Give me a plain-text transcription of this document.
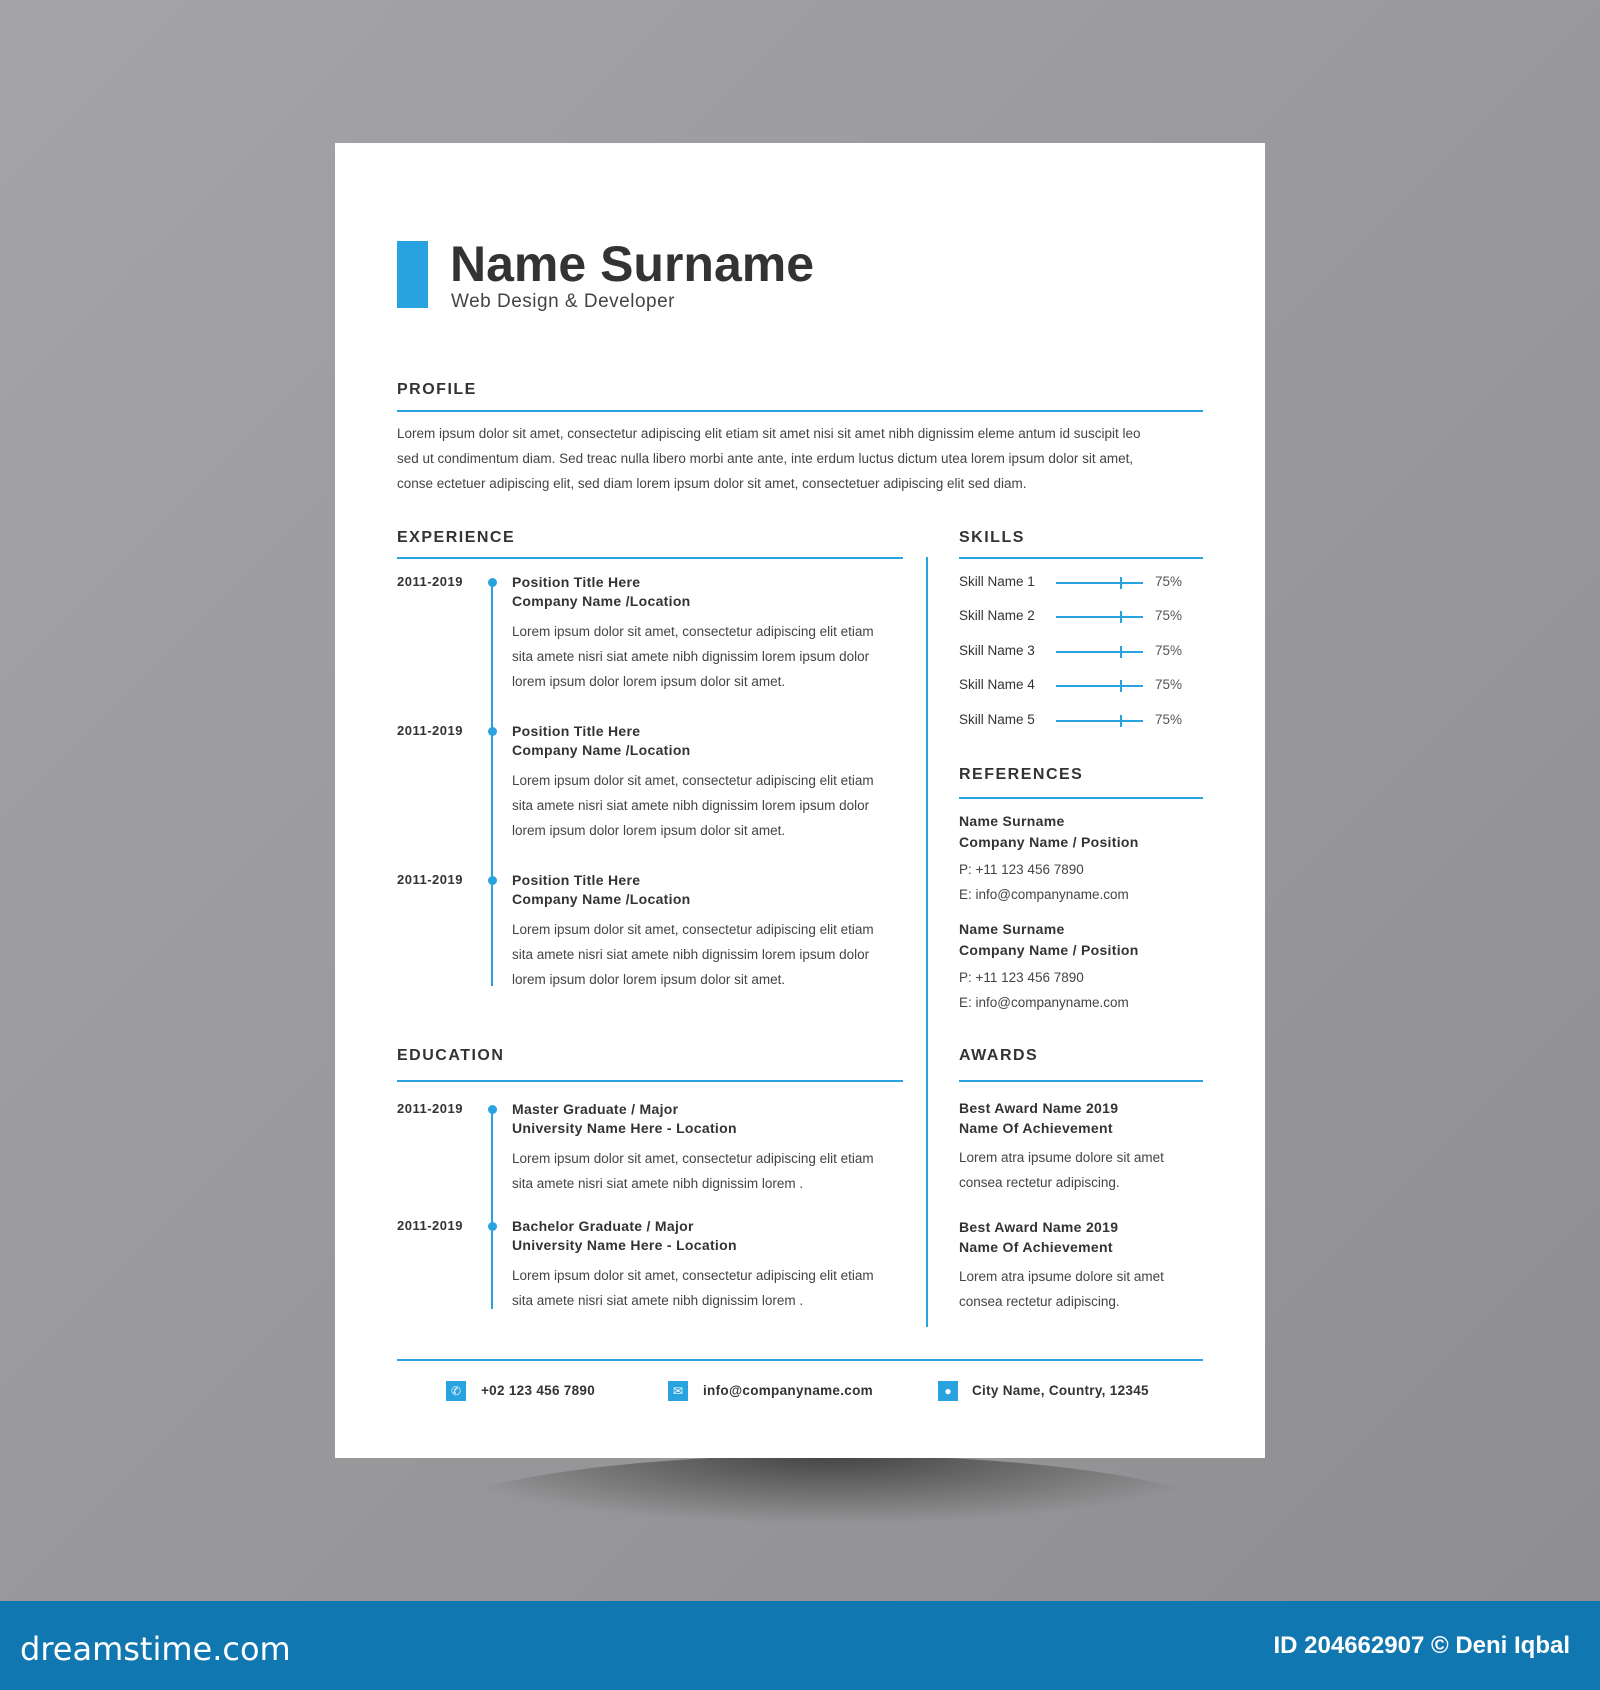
Name Surname
Web Design & Developer
PROFILE
Lorem ipsum dolor sit amet, consectetur adipiscing elit etiam sit amet nisi sit amet nibh dignissim eleme antum id suscipit leo
sed ut condimentum diam. Sed treac nulla libero morbi ante ante, inte erdum luctus dictum utea lorem ipsum dolor sit amet,
conse ectetuer adipiscing elit, sed diam lorem ipsum dolor sit amet, consectetuer adipiscing elit sed diam.
EXPERIENCE
2011-2019	Position Title Here
Company Name /Location
Lorem ipsum dolor sit amet, consectetur adipiscing elit etiam
sita amete nisri siat amete nibh dignissim lorem ipsum dolor
lorem ipsum dolor lorem ipsum dolor sit amet.
2011-2019	Position Title Here
Company Name /Location
Lorem ipsum dolor sit amet, consectetur adipiscing elit etiam
sita amete nisri siat amete nibh dignissim lorem ipsum dolor
lorem ipsum dolor lorem ipsum dolor sit amet.
2011-2019	Position Title Here
Company Name /Location
Lorem ipsum dolor sit amet, consectetur adipiscing elit etiam
sita amete nisri siat amete nibh dignissim lorem ipsum dolor
lorem ipsum dolor lorem ipsum dolor sit amet.
EDUCATION
2011-2019	Master Graduate / Major
University Name Here - Location
Lorem ipsum dolor sit amet, consectetur adipiscing elit etiam
sita amete nisri siat amete nibh dignissim lorem .
2011-2019	Bachelor Graduate / Major
University Name Here - Location
Lorem ipsum dolor sit amet, consectetur adipiscing elit etiam
sita amete nisri siat amete nibh dignissim lorem .
SKILLS
Skill Name 1	75%
Skill Name 2	75%
Skill Name 3	75%
Skill Name 4	75%
Skill Name 5	75%
REFERENCES
Name Surname
Company Name / Position
P: +11 123 456 7890
E: info@companyname.com
Name Surname
Company Name / Position
P: +11 123 456 7890
E: info@companyname.com
AWARDS
Best Award Name 2019
Name Of Achievement
Lorem atra ipsume dolore sit amet
consea rectetur adipiscing.
Best Award Name 2019
Name Of Achievement
Lorem atra ipsume dolore sit amet
consea rectetur adipiscing.
✆	+02 123 456 7890	✉	info@companyname.com	●	City Name, Country, 12345
dreamstime.com	ID 204662907 © Deni Iqbal
